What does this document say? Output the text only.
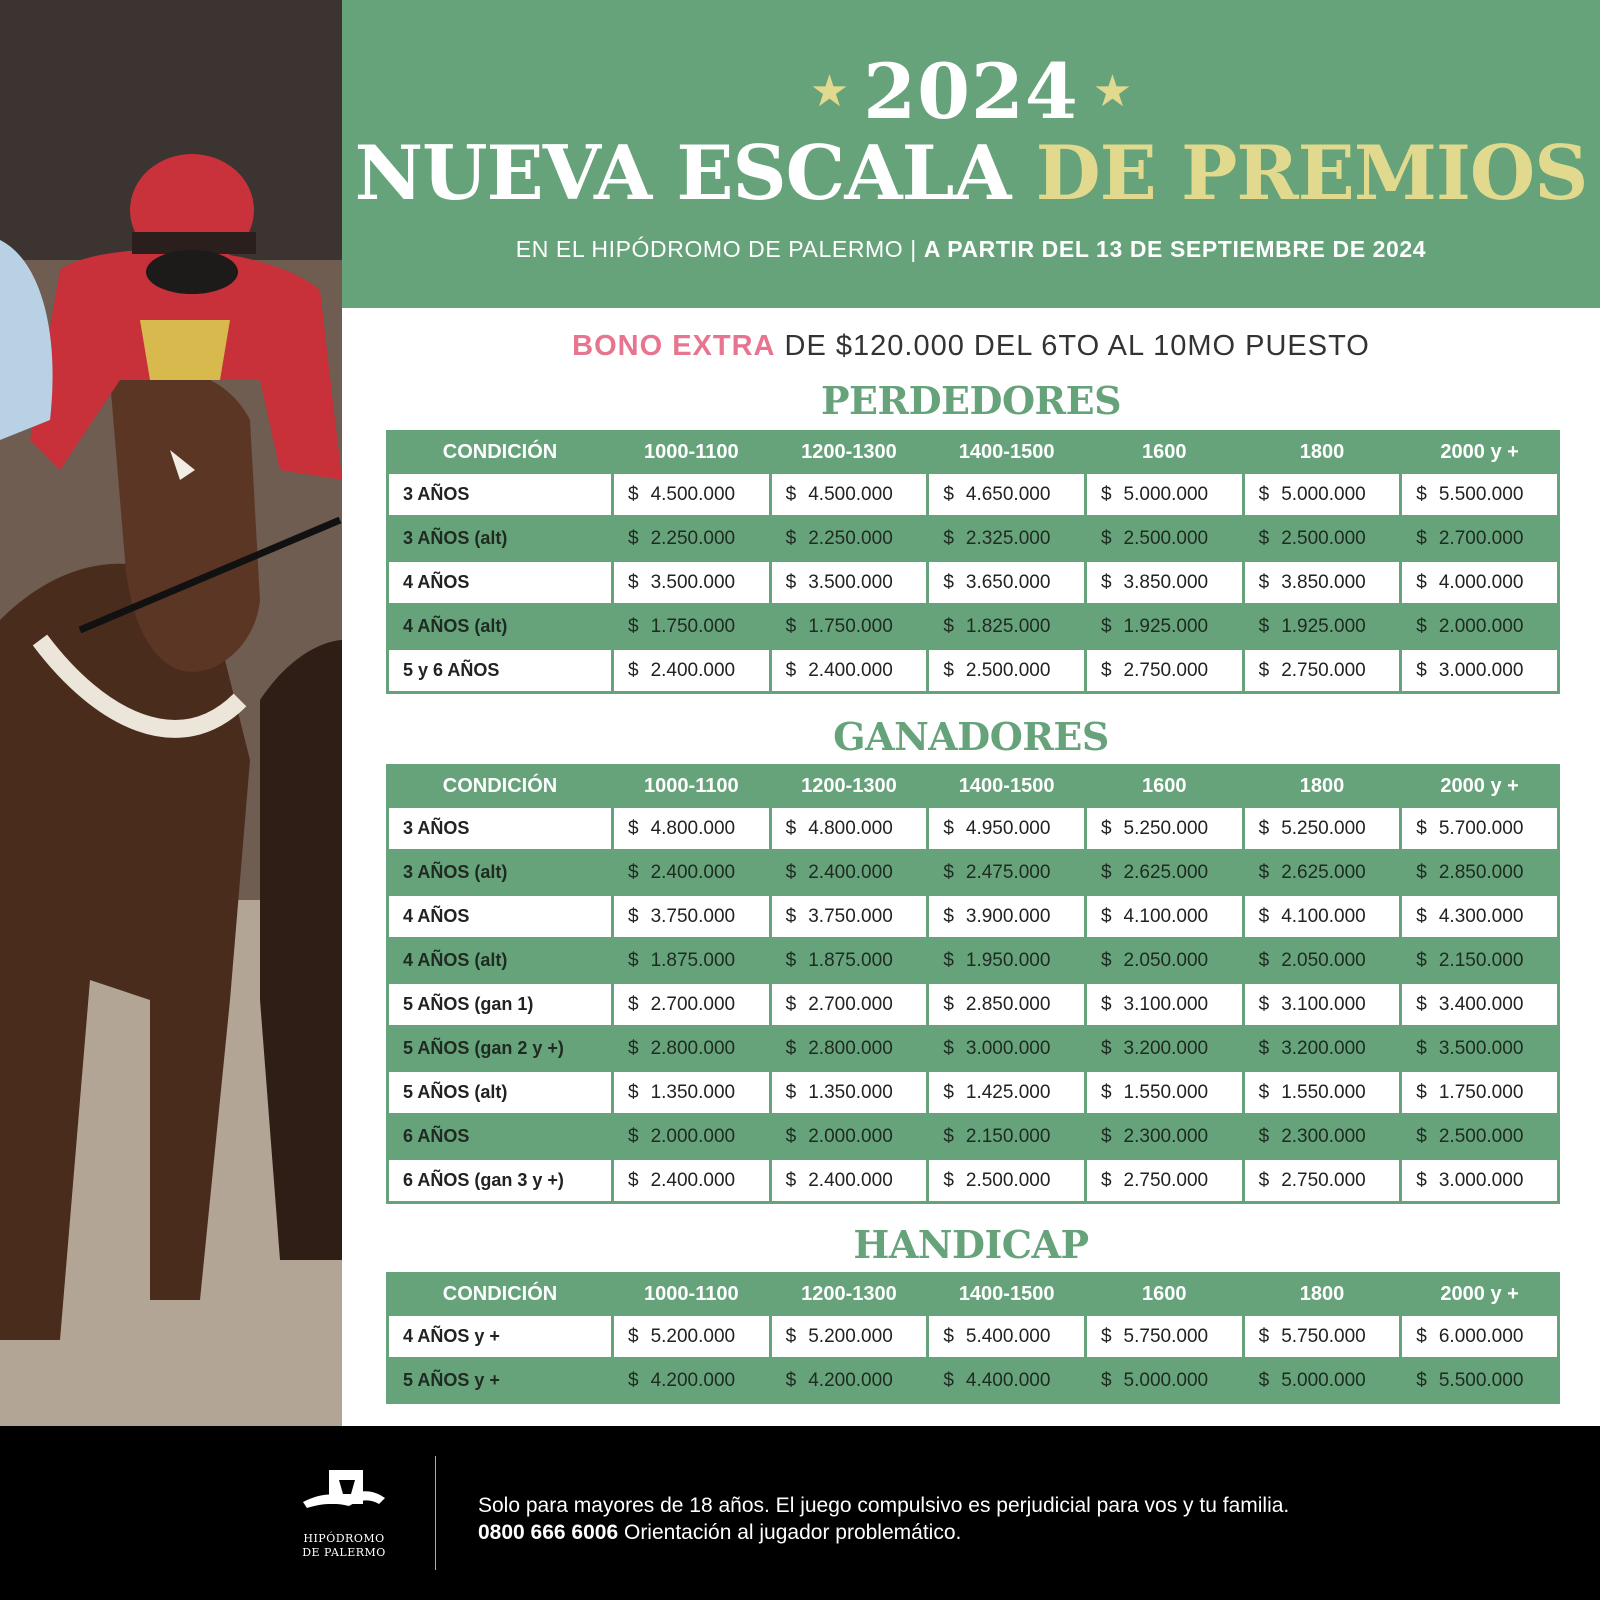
★ 2024 ★
NUEVA ESCALA DE PREMIOS
EN EL HIPÓDROMO DE PALERMO | A PARTIR DEL 13 DE SEPTIEMBRE DE 2024
BONO EXTRA DE $120.000 DEL 6TO AL 10MO PUESTO
PERDEDORES
CONDICIÓN	1000-1100	1200-1300	1400-1500	1600	1800	2000 y +
3 AÑOS	$ 4.500.000	$ 4.500.000	$ 4.650.000	$ 5.000.000	$ 5.000.000	$ 5.500.000
3 AÑOS (alt)	$ 2.250.000	$ 2.250.000	$ 2.325.000	$ 2.500.000	$ 2.500.000	$ 2.700.000
4 AÑOS	$ 3.500.000	$ 3.500.000	$ 3.650.000	$ 3.850.000	$ 3.850.000	$ 4.000.000
4 AÑOS (alt)	$ 1.750.000	$ 1.750.000	$ 1.825.000	$ 1.925.000	$ 1.925.000	$ 2.000.000
5 y 6 AÑOS	$ 2.400.000	$ 2.400.000	$ 2.500.000	$ 2.750.000	$ 2.750.000	$ 3.000.000
GANADORES
CONDICIÓN	1000-1100	1200-1300	1400-1500	1600	1800	2000 y +
3 AÑOS	$ 4.800.000	$ 4.800.000	$ 4.950.000	$ 5.250.000	$ 5.250.000	$ 5.700.000
3 AÑOS (alt)	$ 2.400.000	$ 2.400.000	$ 2.475.000	$ 2.625.000	$ 2.625.000	$ 2.850.000
4 AÑOS	$ 3.750.000	$ 3.750.000	$ 3.900.000	$ 4.100.000	$ 4.100.000	$ 4.300.000
4 AÑOS (alt)	$ 1.875.000	$ 1.875.000	$ 1.950.000	$ 2.050.000	$ 2.050.000	$ 2.150.000
5 AÑOS (gan 1)	$ 2.700.000	$ 2.700.000	$ 2.850.000	$ 3.100.000	$ 3.100.000	$ 3.400.000
5 AÑOS (gan 2 y +)	$ 2.800.000	$ 2.800.000	$ 3.000.000	$ 3.200.000	$ 3.200.000	$ 3.500.000
5 AÑOS (alt)	$ 1.350.000	$ 1.350.000	$ 1.425.000	$ 1.550.000	$ 1.550.000	$ 1.750.000
6 AÑOS	$ 2.000.000	$ 2.000.000	$ 2.150.000	$ 2.300.000	$ 2.300.000	$ 2.500.000
6 AÑOS (gan 3 y +)	$ 2.400.000	$ 2.400.000	$ 2.500.000	$ 2.750.000	$ 2.750.000	$ 3.000.000
HANDICAP
CONDICIÓN	1000-1100	1200-1300	1400-1500	1600	1800	2000 y +
4 AÑOS y +	$ 5.200.000	$ 5.200.000	$ 5.400.000	$ 5.750.000	$ 5.750.000	$ 6.000.000
5 AÑOS y +	$ 4.200.000	$ 4.200.000	$ 4.400.000	$ 5.000.000	$ 5.000.000	$ 5.500.000
HIPÓDROMO
DE PALERMO
Solo para mayores de 18 años. El juego compulsivo es perjudicial para vos y tu familia.
0800 666 6006 Orientación al jugador problemático.
